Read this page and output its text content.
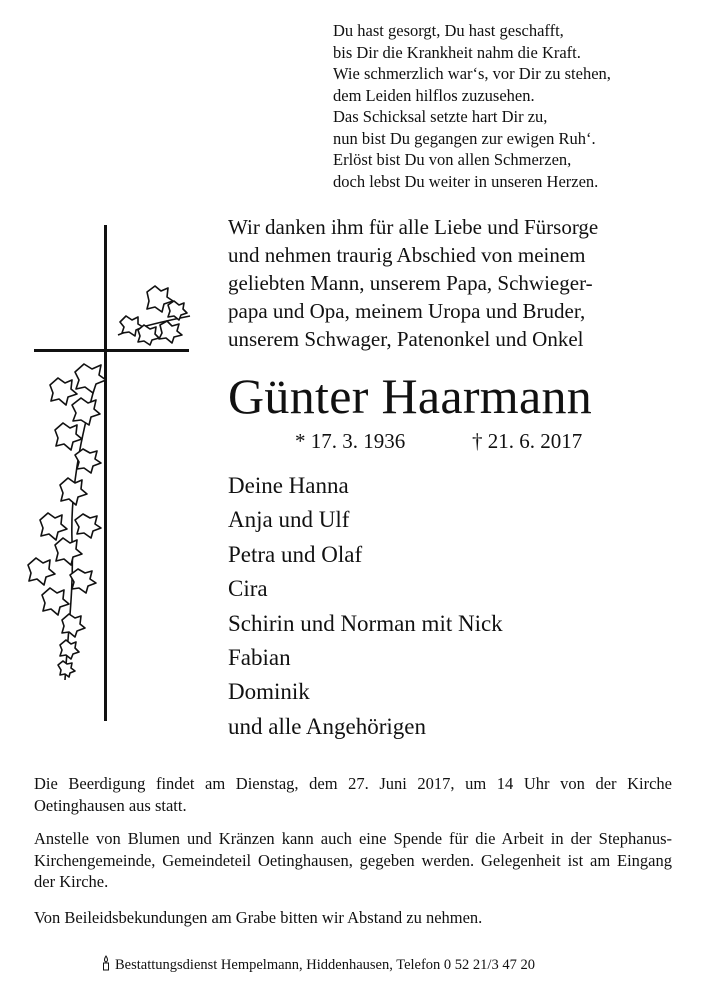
Du hast gesorgt, Du hast geschafft,
bis Dir die Krankheit nahm die Kraft.
Wie schmerzlich war‘s, vor Dir zu stehen,
dem Leiden hilflos zuzusehen.
Das Schicksal setzte hart Dir zu,
nun bist Du gegangen zur ewigen Ruh‘.
Erlöst bist Du von allen Schmerzen,
doch lebst Du weiter in unseren Herzen.
Wir danken ihm für alle Liebe und Fürsorge
und nehmen traurig Abschied von meinem
geliebten Mann, unserem Papa, Schwieger-
papa und Opa, meinem Uropa und Bruder,
unserem Schwager, Patenonkel und Onkel
Günter Haarmann
* 17. 3. 1936	† 21. 6. 2017
Deine Hanna
Anja und Ulf
Petra und Olaf
Cira
Schirin und Norman mit Nick
Fabian
Dominik
und alle Angehörigen
Die Beerdigung findet am Dienstag, dem 27. Juni 2017, um 14 Uhr von der Kirche Oetinghausen aus statt.
Anstelle von Blumen und Kränzen kann auch eine Spende für die Arbeit in der Stephanus-Kirchengemeinde, Gemeindeteil Oetinghausen, gegeben werden. Gelegenheit ist am Eingang der Kirche.
Von Beileidsbekundungen am Grabe bitten wir Abstand zu nehmen.
Bestattungsdienst Hempelmann, Hiddenhausen, Telefon 0 52 21/3 47 20
